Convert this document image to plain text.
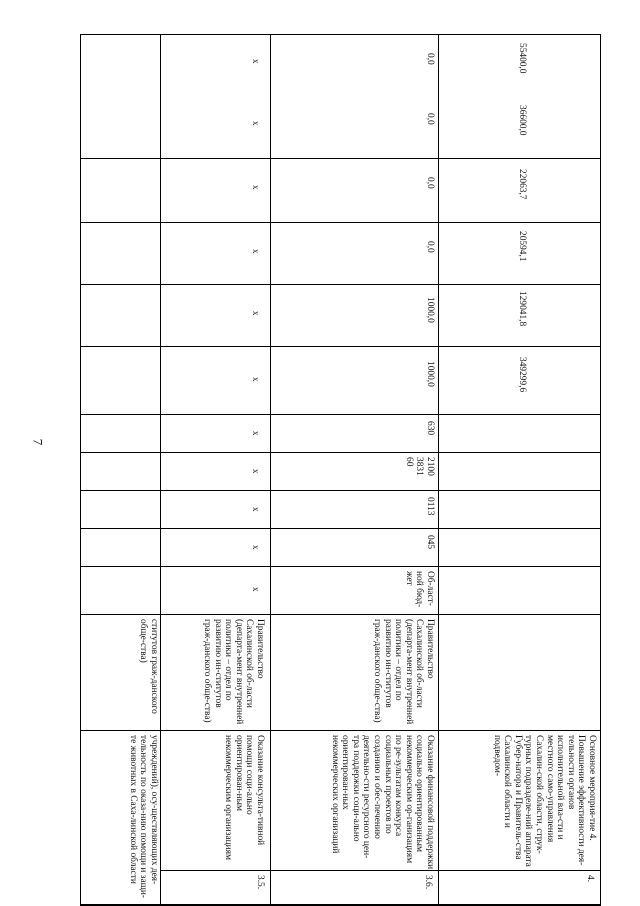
7
учреждений), осу-ществляющих дея-тельность по оказа-нию помощи и защи-те животных в Саха-линской области
ститутов граж-данского обще-ства)
3.5.
Оказание консульта-тивной помощи соци-ально ориентирован-ным некоммерческим организациям
Правительство Сахалинской об-ласти (департа-мент внутренней политики – отдел по развитию ин-ститутов граж-данского обще-ства)
x
x
x
x
x
x
x
x
x
x
x
3.6.
Оказание финансовой поддержки социально ориентированным некоммерческим ор-ганизациям по ре-зультатам конкурса социальных проектов по созданию и обес-печению деятельно-сти ресурсного цен-тра поддержки соци-ально ориентирован-ных некоммерческих организаций
Правительство Сахалинской об-ласти (департа-мент внутренней политики – отдел по развитию ин-ститутов граж-данского обще-ства)
Об-ласт-ной бюд-жет
045
0113
2100 3831 60
630
1000,0
1000,0
0,0
0,0
0,0
0,0
4.
Основное мероприя-тие 4. Повышение эффективности дея-тельности органов исполнительной вла-сти и местного само-управления Сахалин-ской области, струк-турных подразделе-ний аппарата Губер-натора и Правитель-ства Сахалинской области и подведом-
349299,6
129041,8
20594,1
22063,7
36600,0
55400,0
